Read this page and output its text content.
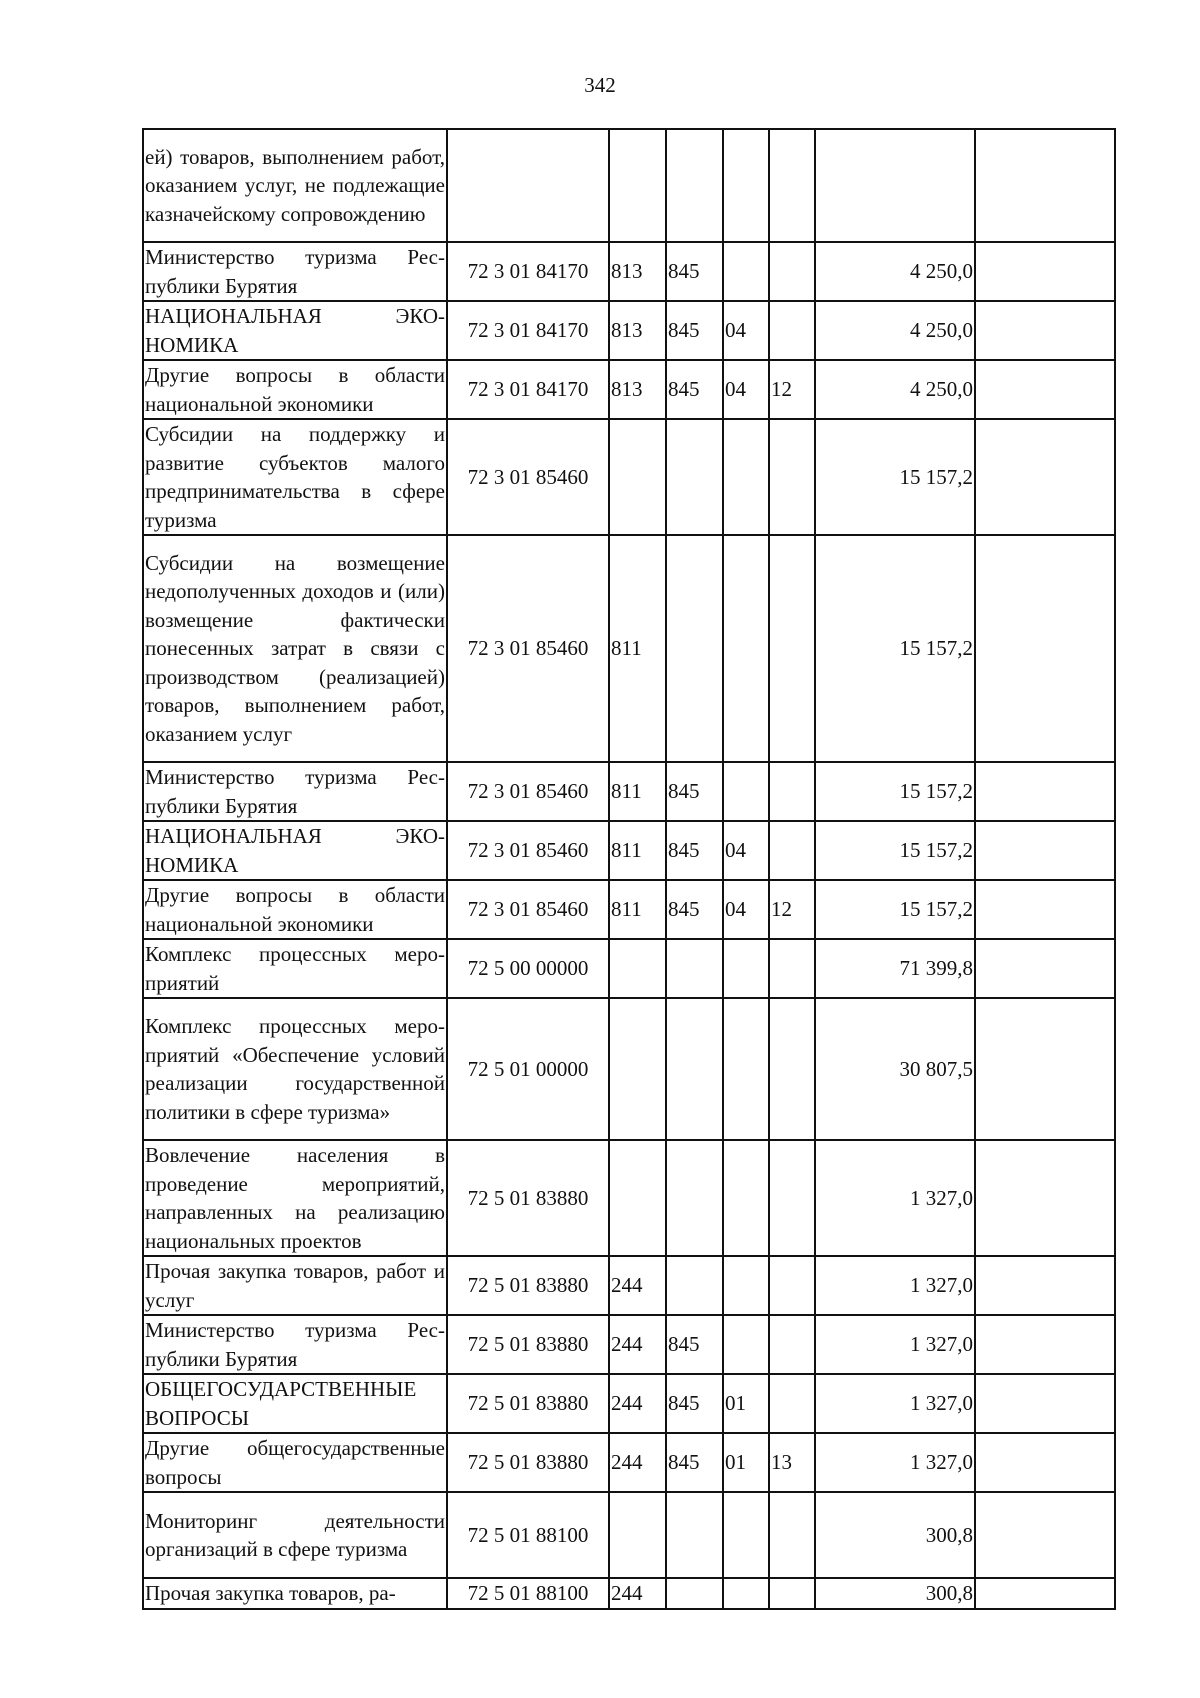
342
ей) товаров, выполнением работ, оказанием услуг, не подлежащие казначейскому сопровождению							
Министерство туризма Республики Бурятия	72 3 01 84170	813	845			4 250,0	
НАЦИОНАЛЬНАЯ ЭКОНОМИКА	72 3 01 84170	813	845	04		4 250,0	
Другие вопросы в области национальной экономики	72 3 01 84170	813	845	04	12	4 250,0	
Субсидии на поддержку и развитие субъектов малого предпринимательства в сфере туризма	72 3 01 85460					15 157,2	
Субсидии на возмещение недополученных доходов и (или) возмещение фактически понесенных затрат в связи с производством (реализацией) товаров, выполнением работ, оказанием услуг	72 3 01 85460	811				15 157,2	
Министерство туризма Республики Бурятия	72 3 01 85460	811	845			15 157,2	
НАЦИОНАЛЬНАЯ ЭКОНОМИКА	72 3 01 85460	811	845	04		15 157,2	
Другие вопросы в области национальной экономики	72 3 01 85460	811	845	04	12	15 157,2	
Комплекс процессных мероприятий	72 5 00 00000					71 399,8	
Комплекс процессных мероприятий «Обеспечение условий реализации государственной политики в сфере туризма»	72 5 01 00000					30 807,5	
Вовлечение населения в проведение мероприятий, направленных на реализацию национальных проектов	72 5 01 83880					1 327,0	
Прочая закупка товаров, работ и услуг	72 5 01 83880	244				1 327,0	
Министерство туризма Республики Бурятия	72 5 01 83880	244	845			1 327,0	
ОБЩЕГОСУДАРСТВЕННЫЕ ВОПРОСЫ	72 5 01 83880	244	845	01		1 327,0	
Другие общегосударственные вопросы	72 5 01 83880	244	845	01	13	1 327,0	
Мониторинг деятельности организаций в сфере туризма	72 5 01 88100					300,8	
Прочая закупка товаров, ра-	72 5 01 88100	244				300,8	
